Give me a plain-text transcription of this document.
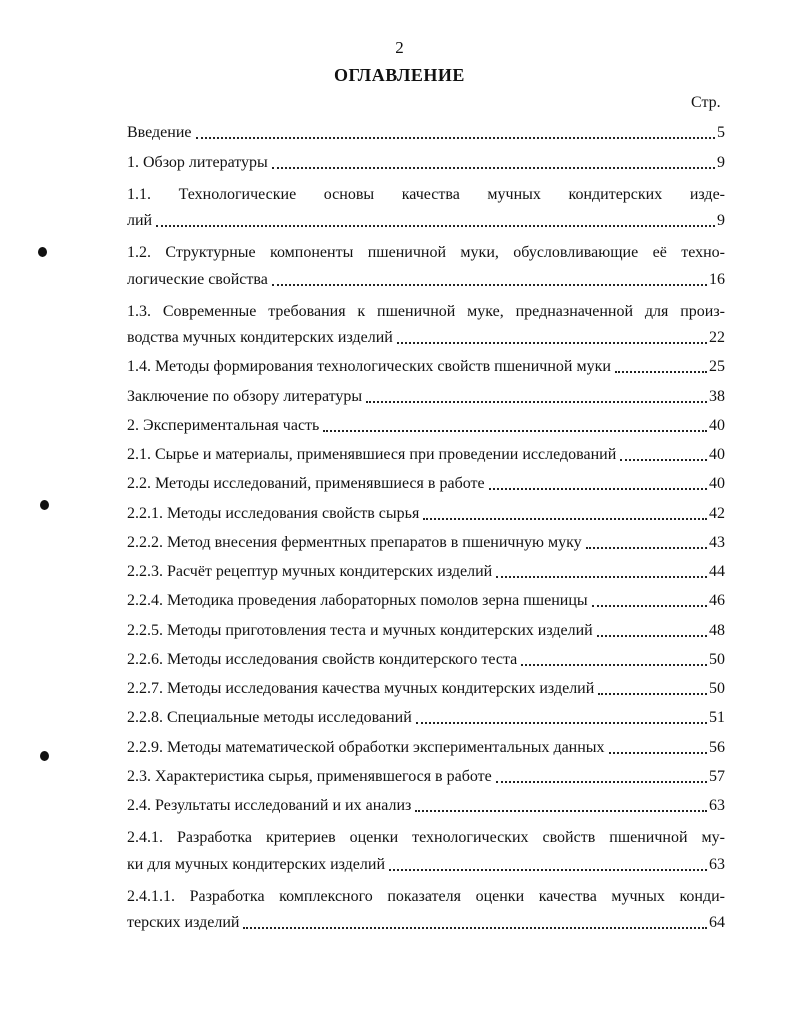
2
ОГЛАВЛЕНИЕ
Стр.
Введение	5
1. Обзор литературы	9
1.1. Технологические основы качества мучных кондитерских изде-
лий	9
1.2. Структурные компоненты пшеничной муки, обусловливающие её техно-
логические свойства	16
1.3. Современные требования к пшеничной муке, предназначенной для произ-
водства мучных кондитерских изделий	22
1.4. Методы формирования технологических свойств пшеничной муки	25
Заключение по обзору литературы	38
2. Экспериментальная часть	40
2.1. Сырье и материалы, применявшиеся при проведении исследований	40
2.2. Методы исследований, применявшиеся в работе	40
2.2.1. Методы исследования свойств сырья	42
2.2.2. Метод внесения ферментных препаратов в пшеничную муку	43
2.2.3. Расчёт рецептур мучных кондитерских изделий	44
2.2.4. Методика проведения лабораторных помолов зерна пшеницы	46
2.2.5. Методы приготовления теста и мучных кондитерских изделий	48
2.2.6. Методы исследования свойств кондитерского теста	50
2.2.7. Методы исследования качества мучных кондитерских изделий	50
2.2.8. Специальные методы исследований	51
2.2.9. Методы математической обработки экспериментальных данных	56
2.3. Характеристика сырья, применявшегося в работе	57
2.4. Результаты исследований и их анализ	63
2.4.1. Разработка критериев оценки технологических свойств пшеничной му-
ки для мучных кондитерских изделий	63
2.4.1.1. Разработка комплексного показателя оценки качества мучных конди-
терских изделий	64
